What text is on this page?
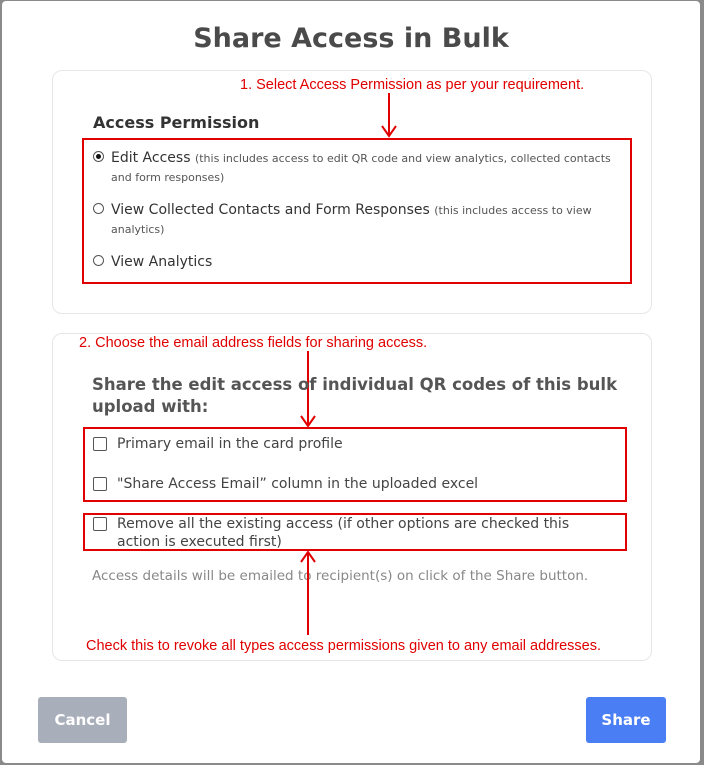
Share Access in Bulk
1. Select Access Permission as per your requirement.
Access Permission
Edit Access (this includes access to edit QR code and view analytics, collected contacts and form responses)
View Collected Contacts and Form Responses (this includes access to view analytics)
View Analytics
2. Choose the email address fields for sharing access.
Share the edit access of individual QR codes of this bulk upload with:
Primary email in the card profile
"Share Access Email” column in the uploaded excel
Remove all the existing access (if other options are checked this action is executed first)
Access details will be emailed to recipient(s) on click of the Share button.
Check this to revoke all types access permissions given to any email addresses.
Cancel	Share
